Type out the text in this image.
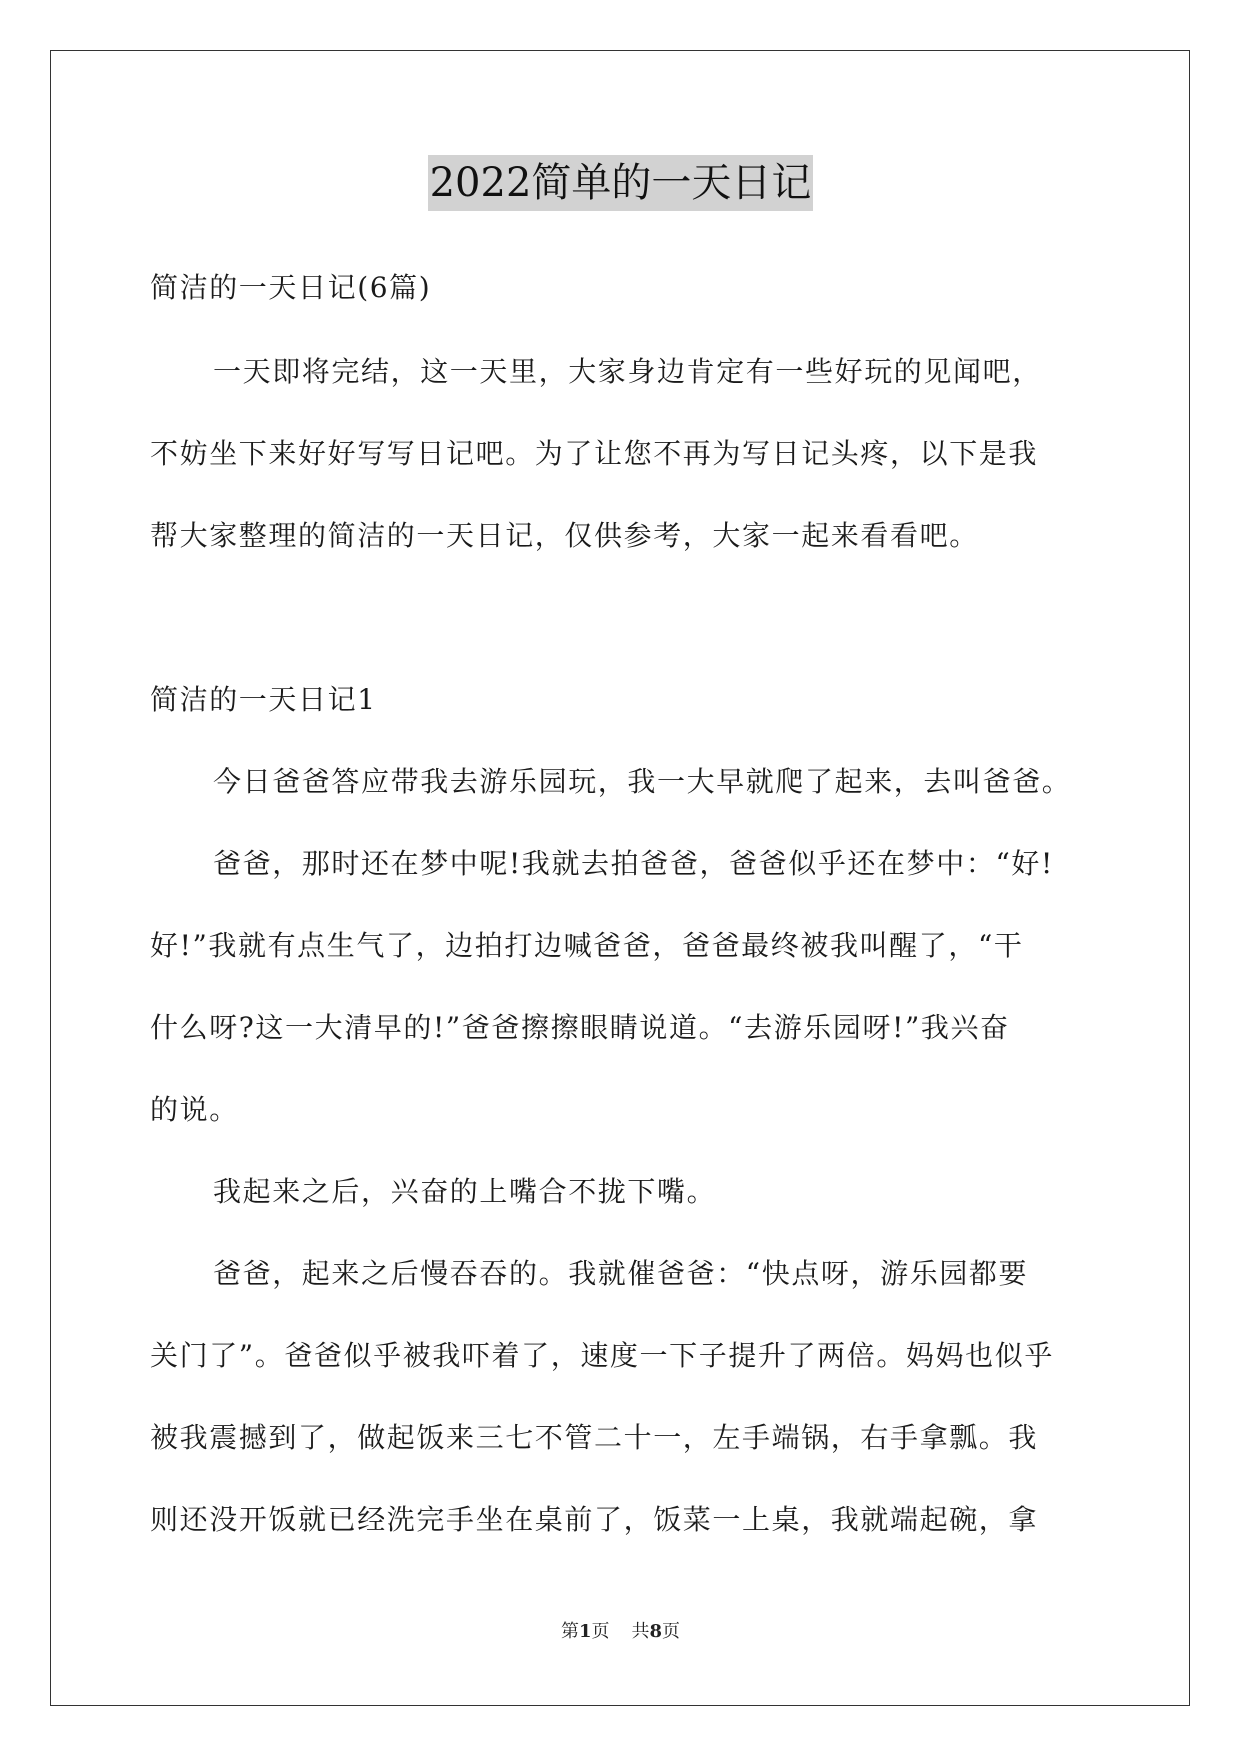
2022简单的一天日记
简洁的一天日记(6篇)
一天即将完结，这一天里，大家身边肯定有一些好玩的见闻吧，
不妨坐下来好好写写日记吧。为了让您不再为写日记头疼，以下是我
帮大家整理的简洁的一天日记，仅供参考，大家一起来看看吧。
简洁的一天日记1
今日爸爸答应带我去游乐园玩，我一大早就爬了起来，去叫爸爸。
爸爸，那时还在梦中呢!我就去拍爸爸，爸爸似乎还在梦中：“好!
好!”我就有点生气了，边拍打边喊爸爸，爸爸最终被我叫醒了，“干
什么呀?这一大清早的!”爸爸擦擦眼睛说道。“去游乐园呀!”我兴奋
的说。
我起来之后，兴奋的上嘴合不拢下嘴。
爸爸，起来之后慢吞吞的。我就催爸爸：“快点呀，游乐园都要
关门了”。爸爸似乎被我吓着了，速度一下子提升了两倍。妈妈也似乎
被我震撼到了，做起饭来三七不管二十一，左手端锅，右手拿瓢。我
则还没开饭就已经洗完手坐在桌前了，饭菜一上桌，我就端起碗，拿
第1页 共8页
